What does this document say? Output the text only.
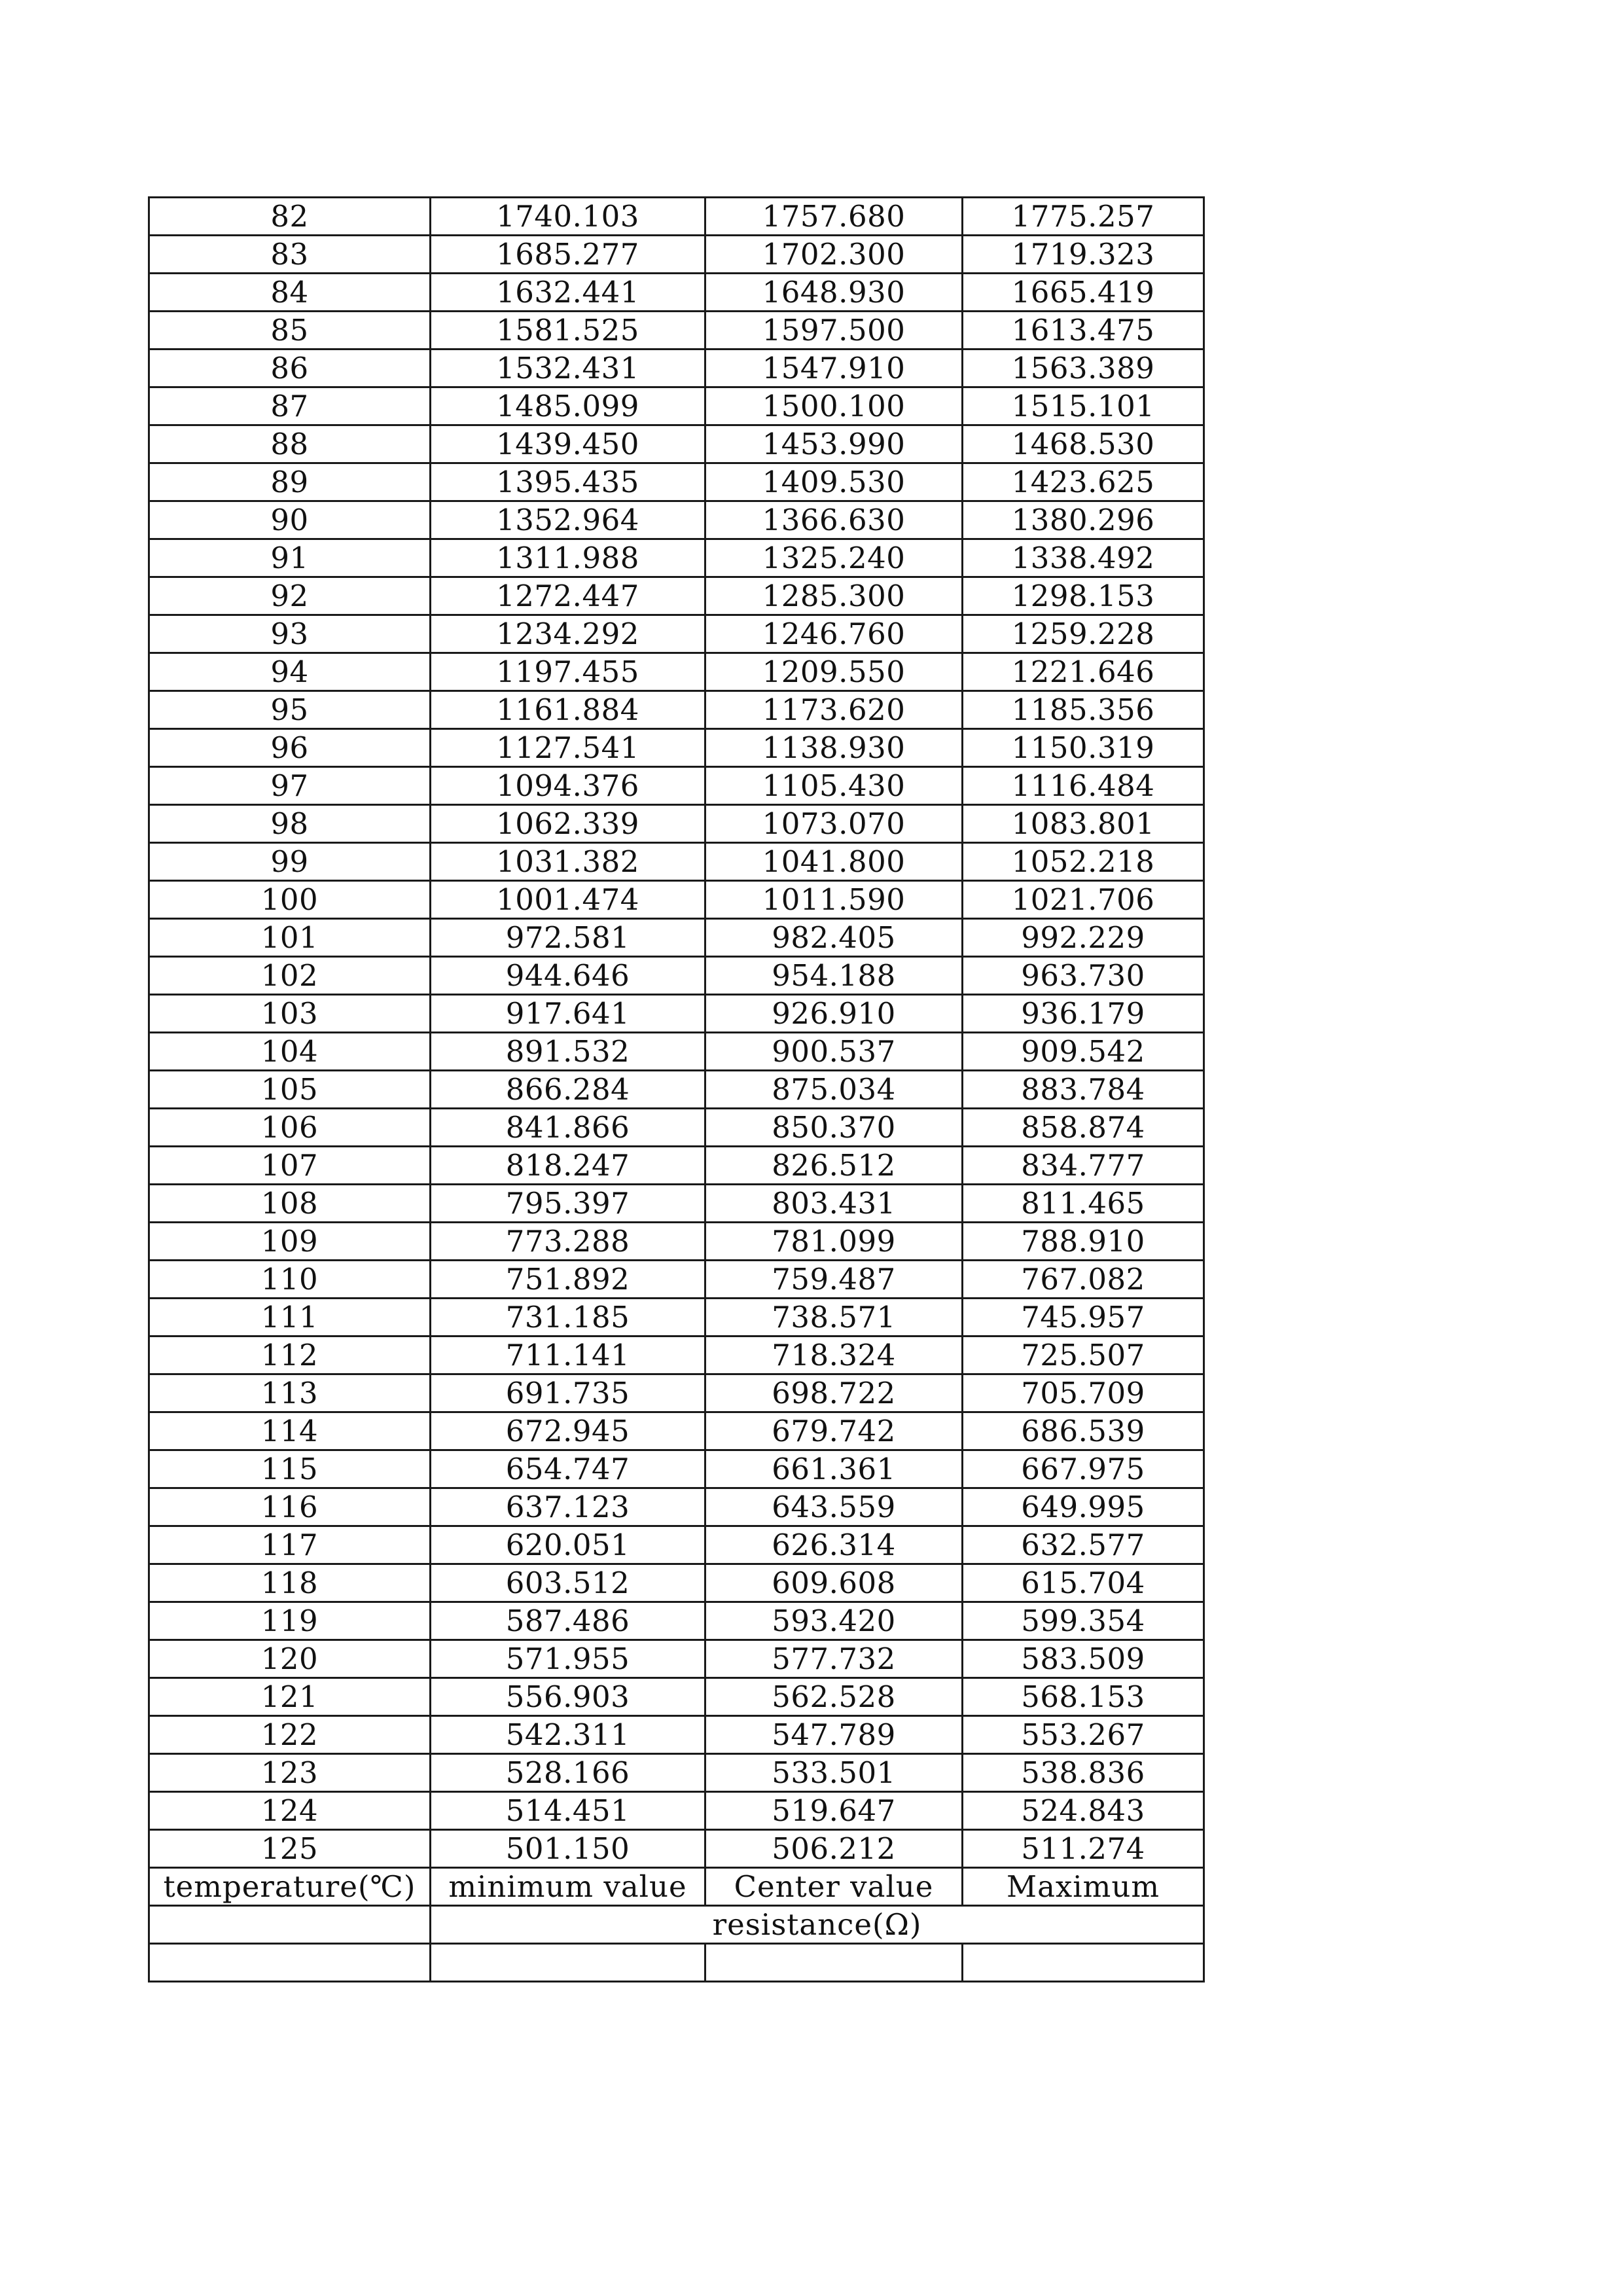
82	1740.103	1757.680	1775.257
83	1685.277	1702.300	1719.323
84	1632.441	1648.930	1665.419
85	1581.525	1597.500	1613.475
86	1532.431	1547.910	1563.389
87	1485.099	1500.100	1515.101
88	1439.450	1453.990	1468.530
89	1395.435	1409.530	1423.625
90	1352.964	1366.630	1380.296
91	1311.988	1325.240	1338.492
92	1272.447	1285.300	1298.153
93	1234.292	1246.760	1259.228
94	1197.455	1209.550	1221.646
95	1161.884	1173.620	1185.356
96	1127.541	1138.930	1150.319
97	1094.376	1105.430	1116.484
98	1062.339	1073.070	1083.801
99	1031.382	1041.800	1052.218
100	1001.474	1011.590	1021.706
101	972.581	982.405	992.229
102	944.646	954.188	963.730
103	917.641	926.910	936.179
104	891.532	900.537	909.542
105	866.284	875.034	883.784
106	841.866	850.370	858.874
107	818.247	826.512	834.777
108	795.397	803.431	811.465
109	773.288	781.099	788.910
110	751.892	759.487	767.082
111	731.185	738.571	745.957
112	711.141	718.324	725.507
113	691.735	698.722	705.709
114	672.945	679.742	686.539
115	654.747	661.361	667.975
116	637.123	643.559	649.995
117	620.051	626.314	632.577
118	603.512	609.608	615.704
119	587.486	593.420	599.354
120	571.955	577.732	583.509
121	556.903	562.528	568.153
122	542.311	547.789	553.267
123	528.166	533.501	538.836
124	514.451	519.647	524.843
125	501.150	506.212	511.274
temperature(℃)	minimum value	Center value	Maximum
	resistance(Ω)		
